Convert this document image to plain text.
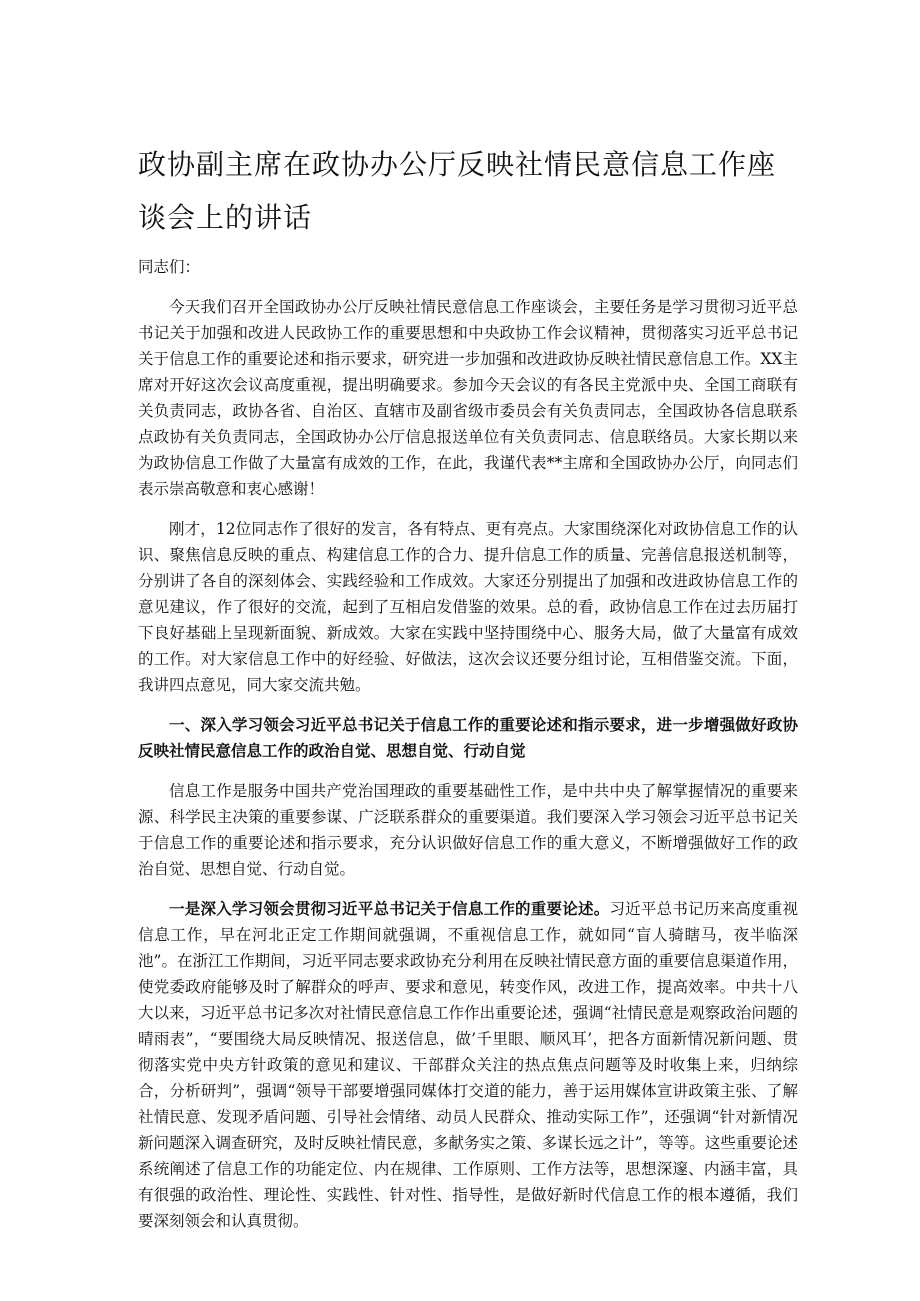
政协副主席在政协办公厅反映社情民意信息工作座谈会上的讲话

同志们：

今天我们召开全国政协办公厅反映社情民意信息工作座谈会，主要任务是学习贯彻习近平总书记关于加强和改进人民政协工作的重要思想和中央政协工作会议精神，贯彻落实习近平总书记关于信息工作的重要论述和指示要求，研究进一步加强和改进政协反映社情民意信息工作。XX主席对开好这次会议高度重视，提出明确要求。参加今天会议的有各民主党派中央、全国工商联有关负责同志，政协各省、自治区、直辖市及副省级市委员会有关负责同志，全国政协各信息联系点政协有关负责同志，全国政协办公厅信息报送单位有关负责同志、信息联络员。大家长期以来为政协信息工作做了大量富有成效的工作，在此，我谨代表**主席和全国政协办公厅，向同志们表示崇高敬意和衷心感谢！

刚才，12位同志作了很好的发言，各有特点、更有亮点。大家围绕深化对政协信息工作的认识、聚焦信息反映的重点、构建信息工作的合力、提升信息工作的质量、完善信息报送机制等，分别讲了各自的深刻体会、实践经验和工作成效。大家还分别提出了加强和改进政协信息工作的意见建议，作了很好的交流，起到了互相启发借鉴的效果。总的看，政协信息工作在过去历届打下良好基础上呈现新面貌、新成效。大家在实践中坚持围绕中心、服务大局，做了大量富有成效的工作。对大家信息工作中的好经验、好做法，这次会议还要分组讨论，互相借鉴交流。下面，我讲四点意见，同大家交流共勉。

一、深入学习领会习近平总书记关于信息工作的重要论述和指示要求，进一步增强做好政协反映社情民意信息工作的政治自觉、思想自觉、行动自觉

信息工作是服务中国共产党治国理政的重要基础性工作，是中共中央了解掌握情况的重要来源、科学民主决策的重要参谋、广泛联系群众的重要渠道。我们要深入学习领会习近平总书记关于信息工作的重要论述和指示要求，充分认识做好信息工作的重大意义，不断增强做好工作的政治自觉、思想自觉、行动自觉。

一是深入学习领会贯彻习近平总书记关于信息工作的重要论述。习近平总书记历来高度重视信息工作，早在河北正定工作期间就强调，不重视信息工作，就如同“盲人骑瞎马，夜半临深池”。在浙江工作期间，习近平同志要求政协充分利用在反映社情民意方面的重要信息渠道作用，使党委政府能够及时了解群众的呼声、要求和意见，转变作风，改进工作，提高效率。中共十八大以来，习近平总书记多次对社情民意信息工作作出重要论述，强调“社情民意是观察政治问题的晴雨表”，“要围绕大局反映情况、报送信息，做’千里眼、顺风耳’，把各方面新情况新问题、贯彻落实党中央方针政策的意见和建议、干部群众关注的热点焦点问题等及时收集上来，归纳综合，分析研判”，强调“领导干部要增强同媒体打交道的能力，善于运用媒体宣讲政策主张、了解社情民意、发现矛盾问题、引导社会情绪、动员人民群众、推动实际工作”，还强调“针对新情况新问题深入调查研究，及时反映社情民意，多献务实之策、多谋长远之计”，等等。这些重要论述系统阐述了信息工作的功能定位、内在规律、工作原则、工作方法等，思想深邃、内涵丰富，具有很强的政治性、理论性、实践性、针对性、指导性，是做好新时代信息工作的根本遵循，我们要深刻领会和认真贯彻。
